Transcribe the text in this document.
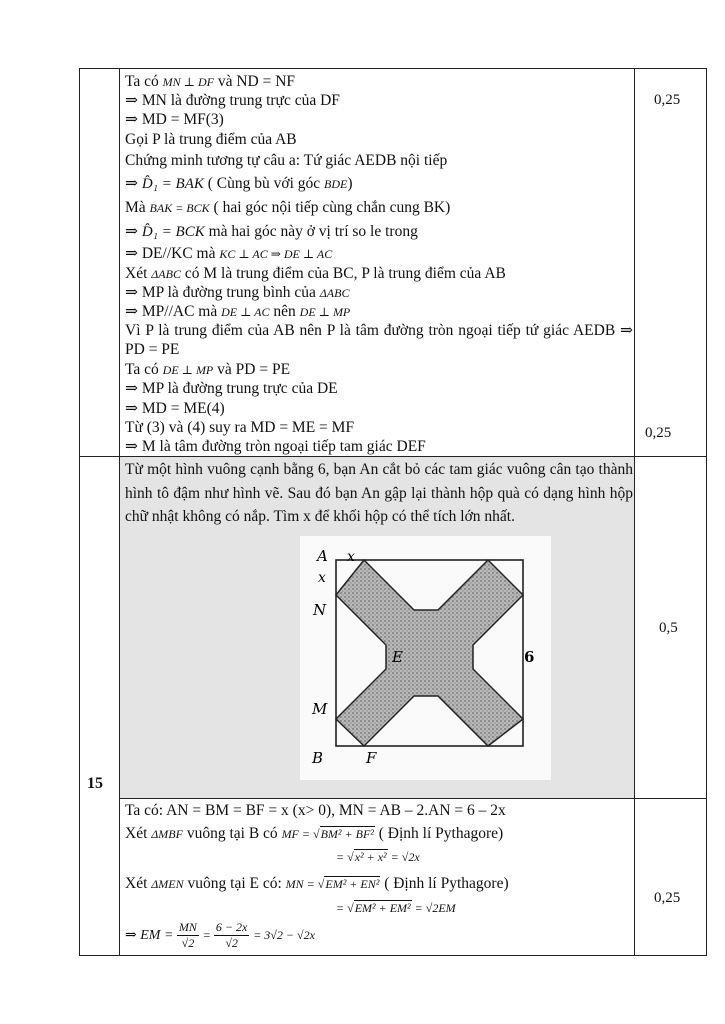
Ta có MN ⊥ DF và ND = NF
⇒ MN là đường trung trực của DF
⇒ MD = MF(3)
Gọi P là trung điểm của AB
Chứng minh tương tự câu a: Tứ giác AEDB nội tiếp
⇒ D̂₁ = BAK ( Cùng bù với góc BDE)
Mà BAK = BCK ( hai góc nội tiếp cùng chắn cung BK)
⇒ D̂₁ = BCK mà hai góc này ở vị trí so le trong
⇒ DE//KC mà KC ⊥ AC ⇒ DE ⊥ AC
Xét ΔABC có M là trung điểm của BC, P là trung điểm của AB
⇒ MP là đường trung bình của ΔABC
⇒ MP//AC mà DE ⊥ AC nên DE ⊥ MP
Vì P là trung điểm của AB nên P là tâm đường tròn ngoại tiếp tứ giác AEDB ⇒ PD = PE
Ta có DE ⊥ MP và PD = PE
⇒ MP là đường trung trực của DE
⇒ MD = ME(4)
Từ (3) và (4) suy ra MD = ME = MF
⇒ M là tâm đường tròn ngoại tiếp tam giác DEF
0,25
0,25
15
Từ một hình vuông cạnh bằng 6, bạn An cắt bỏ các tam giác vuông cân tạo thành hình tô đậm như hình vẽ. Sau đó bạn An gập lại thành hộp quà có dạng hình hộp chữ nhật không có nắp. Tìm x để khối hộp có thể tích lớn nhất.
0,5
A x
x
N
E	6
M
B	F
Ta có: AN = BM = BF = x (x> 0), MN = AB – 2.AN = 6 – 2x
Xét ΔMBF vuông tại B có MF = √BM² + BF² ( Định lí Pythagore)
= √x² + x² = √2x
Xét ΔMEN vuông tại E có: MN = √EM² + EN² ( Định lí Pythagore)
= √EM² + EM² = √2EM
⇒ EM = $\frac{MN}{√2} = \frac{6 - 2x}{√2} = 3√2 - √2x$
0,25
